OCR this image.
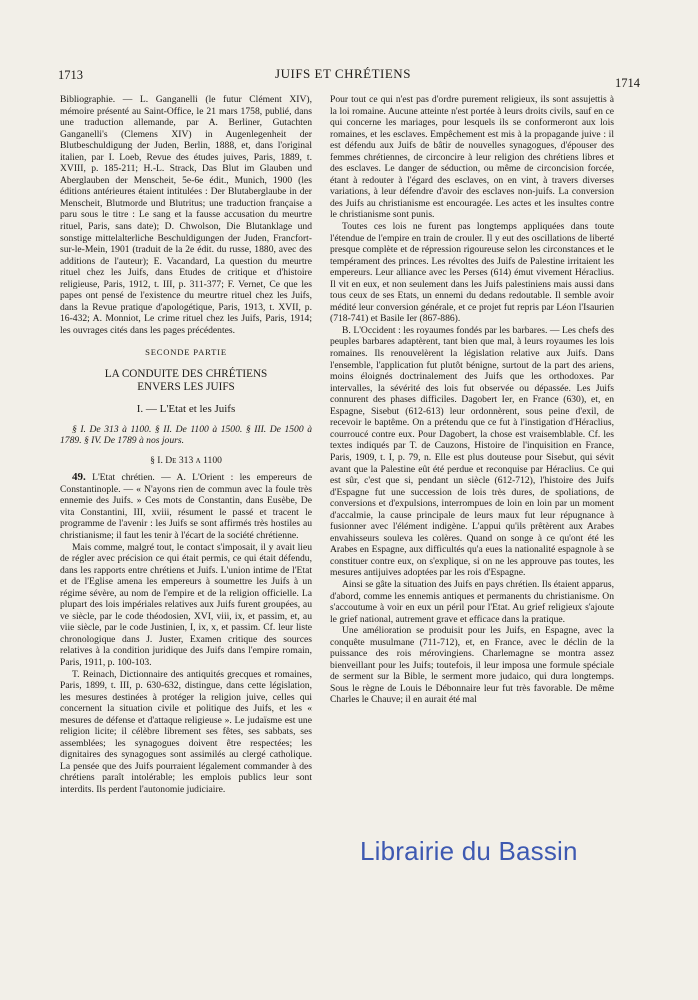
1713	JUIFS ET CHRÉTIENS
1714

Bibliographie. — L. Ganganelli (le futur Clément XIV), mémoire présenté au Saint-Office, le 21 mars 1758, publié, dans une traduction allemande, par A. Berliner, Gutachten Ganganelli's (Clemens XIV) in Augenlegenheit der Blutbeschuldigung der Juden, Berlin, 1888, et, dans l'original italien, par I. Loeb, Revue des études juives, Paris, 1889, t. XVIII, p. 185-211; H.-L. Strack, Das Blut im Glauben und Aberglauben der Menscheit, 5e-6e édit., Munich, 1900 (les éditions antérieures étaient intitulées : Der Blutaberglaube in der Menscheit, Blutmorde und Blutritus; une traduction française a paru sous le titre : Le sang et la fausse accusation du meurtre rituel, Paris, sans date); D. Chwolson, Die Blutanklage und sonstige mittelalterliche Beschuldigungen der Juden, Francfort-sur-le-Mein, 1901 (traduit de la 2e édit. du russe, 1880, avec des additions de l'auteur); E. Vacandard, La question du meurtre rituel chez les Juifs, dans Etudes de critique et d'histoire religieuse, Paris, 1912, t. III, p. 311-377; F. Vernet, Ce que les papes ont pensé de l'existence du meurtre rituel chez les Juifs, dans la Revue pratique d'apologétique, Paris, 1913, t. XVII, p. 16-432; A. Monniot, Le crime rituel chez les Juifs, Paris, 1914; les ouvrages cités dans les pages précédentes.

SECONDE PARTIE

LA CONDUITE DES CHRÉTIENS
ENVERS LES JUIFS

I. — L'Etat et les Juifs

§ I. De 313 à 1100. § II. De 1100 à 1500. § III. De 1500 à 1789. § IV. De 1789 à nos jours.

§ I. De 313 a 1100

49. L'Etat chrétien. — A. L'Orient : les empereurs de Constantinople. — « N'ayons rien de commun avec la foule très ennemie des Juifs. » Ces mots de Constantin, dans Eusèbe, De vita Constantini, III, xviii, résument le passé et tracent le programme de l'avenir : les Juifs se sont affirmés très hostiles au christianisme; il faut les tenir à l'écart de la société chrétienne.

Mais comme, malgré tout, le contact s'imposait, il y avait lieu de régler avec précision ce qui était permis, ce qui était défendu, dans les rapports entre chrétiens et Juifs. L'union intime de l'Etat et de l'Eglise amena les empereurs à soumettre les Juifs à un régime sévère, au nom de l'empire et de la religion officielle. La plupart des lois impériales relatives aux Juifs furent groupées, au ve siècle, par le code théodosien, XVI, viii, ix, et passim, et, au viie siècle, par le code Justinien, I, ix, x, et passim. Cf. leur liste chronologique dans J. Juster, Examen critique des sources relatives à la condition juridique des Juifs dans l'empire romain, Paris, 1911, p. 100-103.

T. Reinach, Dictionnaire des antiquités grecques et romaines, Paris, 1899, t. III, p. 630-632, distingue, dans cette législation, les mesures destinées à protéger la religion juive, celles qui concernent la situation civile et politique des Juifs, et les « mesures de défense et d'attaque religieuse ». Le judaïsme est une religion licite; il célèbre librement ses fêtes, ses sabbats, ses assemblées; les synagogues doivent être respectées; les dignitaires des synagogues sont assimilés au clergé catholique. La pensée que des Juifs pourraient légalement commander à des chrétiens paraît intolérable; les emplois publics leur sont interdits. Ils perdent l'autonomie judiciaire.

Pour tout ce qui n'est pas d'ordre purement religieux, ils sont assujettis à la loi romaine. Aucune atteinte n'est portée à leurs droits civils, sauf en ce qui concerne les mariages, pour lesquels ils se conformeront aux lois romaines, et les esclaves. Empêchement est mis à la propagande juive : il est défendu aux Juifs de bâtir de nouvelles synagogues, d'épouser des femmes chrétiennes, de circoncire à leur religion des chrétiens libres et des esclaves. Le danger de séduction, ou même de circoncision forcée, étant à redouter à l'égard des esclaves, on en vint, à travers diverses variations, à leur défendre d'avoir des esclaves non-juifs. La conversion des Juifs au christianisme est encouragée. Les actes et les insultes contre le christianisme sont punis.

Toutes ces lois ne furent pas longtemps appliquées dans toute l'étendue de l'empire en train de crouler. Il y eut des oscillations de liberté presque complète et de répression rigoureuse selon les circonstances et le tempérament des princes. Les révoltes des Juifs de Palestine irritaient les empereurs. Leur alliance avec les Perses (614) émut vivement Héraclius. Il vit en eux, et non seulement dans les Juifs palestiniens mais aussi dans tous ceux de ses Etats, un ennemi du dedans redoutable. Il semble avoir médité leur conversion générale, et ce projet fut repris par Léon l'Isaurien (718-741) et Basile Ier (867-886).

B. L'Occident : les royaumes fondés par les barbares. — Les chefs des peuples barbares adaptèrent, tant bien que mal, à leurs royaumes les lois romaines. Ils renouvelèrent la législation relative aux Juifs. Dans l'ensemble, l'application fut plutôt bénigne, surtout de la part des ariens, moins éloignés doctrinalement des Juifs que les orthodoxes. Par intervalles, la sévérité des lois fut observée ou dépassée. Les Juifs connurent des phases difficiles. Dagobert Ier, en France (630), et, en Espagne, Sisebut (612-613) leur ordonnèrent, sous peine d'exil, de recevoir le baptême. On a prétendu que ce fut à l'instigation d'Héraclius, courroucé contre eux. Pour Dagobert, la chose est vraisemblable. Cf. les textes indiqués par T. de Cauzons, Histoire de l'inquisition en France, Paris, 1909, t. I, p. 79, n. Elle est plus douteuse pour Sisebut, qui sévit avant que la Palestine eût été perdue et reconquise par Héraclius. Ce qui est sûr, c'est que si, pendant un siècle (612-712), l'histoire des Juifs d'Espagne fut une succession de lois très dures, de spoliations, de conversions et d'expulsions, interrompues de loin en loin par un moment d'accalmie, la cause principale de leurs maux fut leur répugnance à fusionner avec l'élément indigène. L'appui qu'ils prêtèrent aux Arabes envahisseurs souleva les colères. Quand on songe à ce qu'ont été les Arabes en Espagne, aux difficultés qu'a eues la nationalité espagnole à se constituer contre eux, on s'explique, si on ne les approuve pas toutes, les mesures antijuives adoptées par les rois d'Espagne.

Ainsi se gâte la situation des Juifs en pays chrétien. Ils étaient apparus, d'abord, comme les ennemis antiques et permanents du christianisme. On s'accoutume à voir en eux un péril pour l'Etat. Au grief religieux s'ajoute le grief national, autrement grave et efficace dans la pratique.

Une amélioration se produisit pour les Juifs, en Espagne, avec la conquête musulmane (711-712), et, en France, avec le déclin de la puissance des rois mérovingiens. Charlemagne se montra assez bienveillant pour les Juifs; toutefois, il leur imposa une formule spéciale de serment sur la Bible, le serment more judaico, qui dura longtemps. Sous le règne de Louis le Débonnaire leur fut très favorable. De même Charles le Chauve; il en aurait été mal

Librairie du Bassin
